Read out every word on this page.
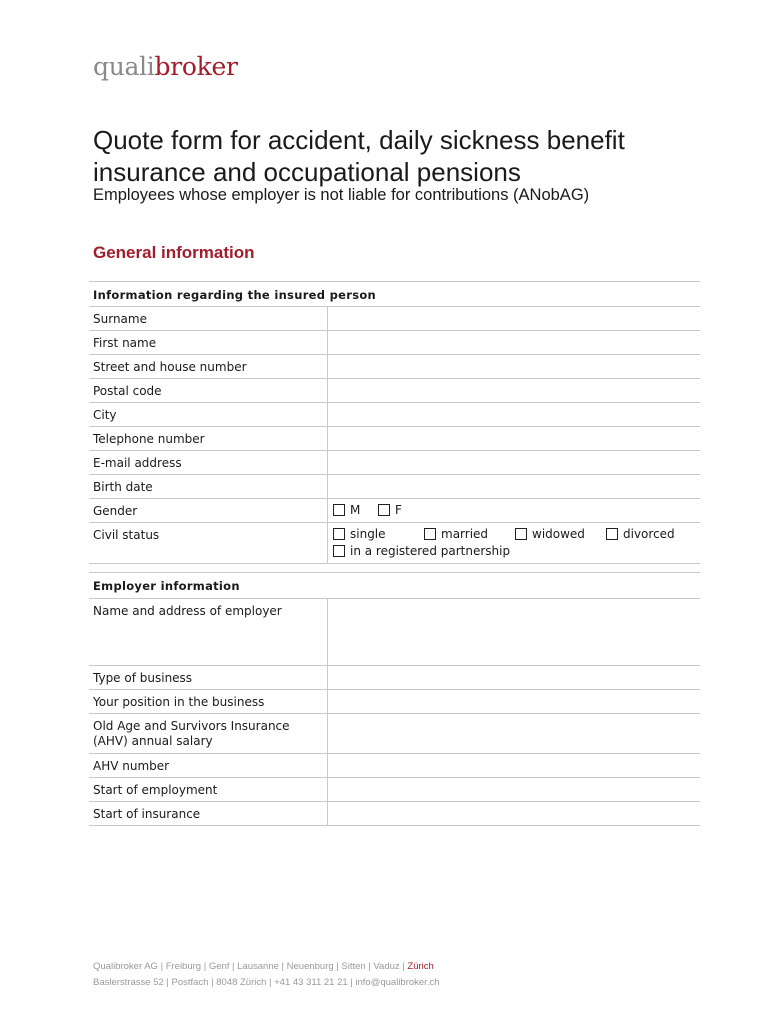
qualibroker
Quote form for accident, daily sickness benefit insurance and occupational pensions
Employees whose employer is not liable for contributions (ANobAG)
General information
Information regarding the insured person
Surname
First name
Street and house number
Postal code
City
Telephone number
E-mail address
Birth date
Gender	M	F
Civil status	single	married	widowed	divorced
in a registered partnership
Employer information
Name and address of employer
Type of business
Your position in the business
Old Age and Survivors Insurance (AHV) annual salary
AHV number
Start of employment
Start of insurance
Qualibroker AG | Freiburg | Genf | Lausanne | Neuenburg | Sitten | Vaduz | Zürich
Baslerstrasse 52 | Postfach | 8048 Zürich | +41 43 311 21 21 | info@qualibroker.ch
